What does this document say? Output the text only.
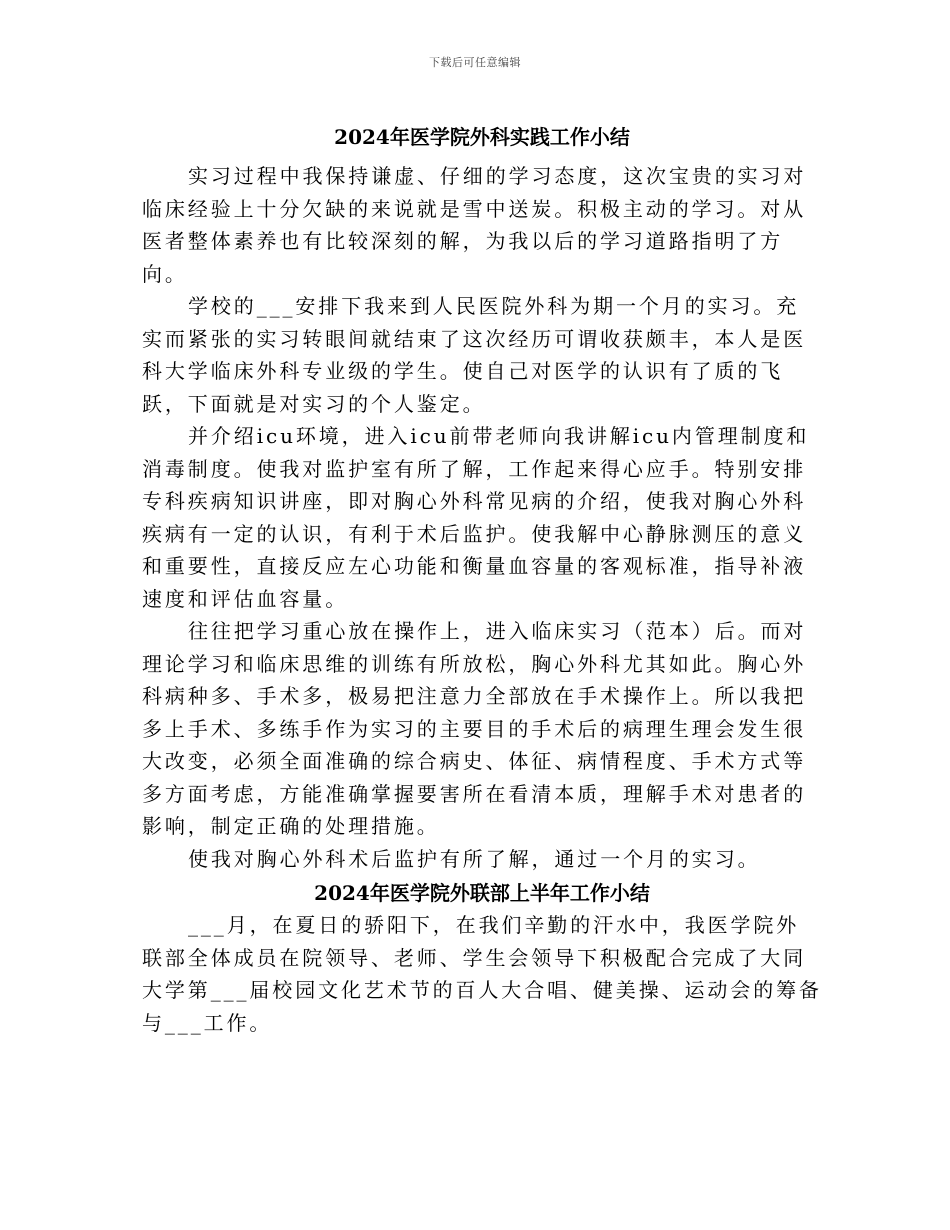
下载后可任意编辑
2024年医学院外科实践工作小结

实习过程中我保持谦虚、仔细的学习态度，这次宝贵的实习对临床经验上十分欠缺的来说就是雪中送炭。积极主动的学习。对从医者整体素养也有比较深刻的解，为我以后的学习道路指明了方向。

学校的___安排下我来到人民医院外科为期一个月的实习。充实而紧张的实习转眼间就结束了这次经历可谓收获颇丰，本人是医科大学临床外科专业级的学生。使自己对医学的认识有了质的飞跃，下面就是对实习的个人鉴定。

并介绍icu环境，进入icu前带老师向我讲解icu内管理制度和消毒制度。使我对监护室有所了解，工作起来得心应手。特别安排专科疾病知识讲座，即对胸心外科常见病的介绍，使我对胸心外科疾病有一定的认识，有利于术后监护。使我解中心静脉测压的意义和重要性，直接反应左心功能和衡量血容量的客观标准，指导补液速度和评估血容量。

往往把学习重心放在操作上，进入临床实习（范本）后。而对理论学习和临床思维的训练有所放松，胸心外科尤其如此。胸心外科病种多、手术多，极易把注意力全部放在手术操作上。所以我把多上手术、多练手作为实习的主要目的手术后的病理生理会发生很大改变，必须全面准确的综合病史、体征、病情程度、手术方式等多方面考虑，方能准确掌握要害所在看清本质，理解手术对患者的影响，制定正确的处理措施。

使我对胸心外科术后监护有所了解，通过一个月的实习。

2024年医学院外联部上半年工作小结

___月，在夏日的骄阳下，在我们辛勤的汗水中，我医学院外联部全体成员在院领导、老师、学生会领导下积极配合完成了大同大学第___届校园文化艺术节的百人大合唱、健美操、运动会的筹备与___工作。
